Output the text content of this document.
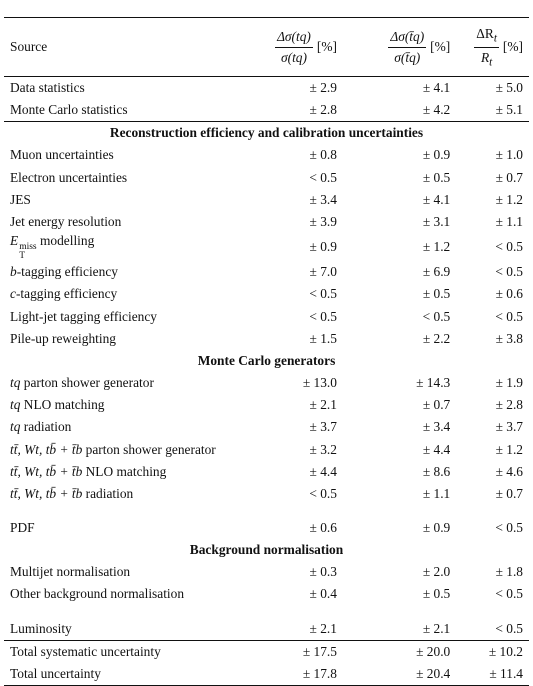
Source	$\frac{\Delta\sigma(tq)}{\sigma(tq)}$ [%]	$\frac{\Delta\sigma(t̄q)}{\sigma(t̄q)}$ [%]	$\frac{\Delta R_t}{R_t}$ [%]

Data statistics	± 2.9	± 4.1	± 5.0
Monte Carlo statistics	± 2.8	± 4.2	± 5.1
Reconstruction efficiency and calibration uncertainties			
Muon uncertainties	± 0.8	± 0.9	± 1.0
Electron uncertainties	< 0.5	± 0.5	± 0.7
JES	± 3.4	± 4.1	± 1.2
Jet energy resolution	± 3.9	± 3.1	± 1.1
E miss
T
modelling	± 0.9	± 1.2	< 0.5
b-tagging efficiency	± 7.0	± 6.9	< 0.5
c-tagging efficiency	< 0.5	± 0.5	± 0.6
Light-jet tagging efficiency	< 0.5	< 0.5	< 0.5
Pile-up reweighting	± 1.5	± 2.2	± 3.8
Monte Carlo generators			
tq parton shower generator	± 13.0	± 14.3	± 1.9
tq NLO matching	± 2.1	± 0.7	± 2.8
tq radiation	± 3.7	± 3.4	± 3.7
tt̄, Wt, tb̄ + t̄b parton shower generator	± 3.2	± 4.4	± 1.2
tt̄, Wt, tb̄ + t̄b NLO matching	± 4.4	± 8.6	± 4.6
tt̄, Wt, tb̄ + t̄b radiation	< 0.5	± 1.1	± 0.7

PDF	± 0.6	± 0.9	< 0.5
Background normalisation			
Multijet normalisation	± 0.3	± 2.0	± 1.8
Other background normalisation	± 0.4	± 0.5	< 0.5

Luminosity	± 2.1	± 2.1	< 0.5
Total systematic uncertainty	± 17.5	± 20.0	± 10.2
Total uncertainty	± 17.8	± 20.4	± 11.4
